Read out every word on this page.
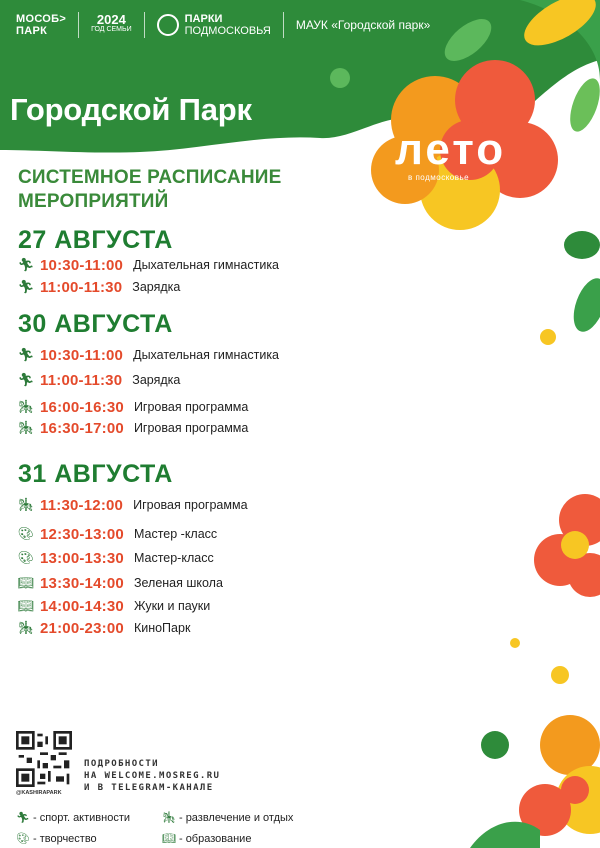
МОСОБ>
ПАРК
2024
ГОД СЕМЬИ
ПАРКИ
ПОДМОСКОВЬЯ МАУК «Городской парк»
Городской Парк
лето
в подмосковье
СИСТЕМНОЕ РАСПИСАНИЕ
МЕРОПРИЯТИЙ
27 АВГУСТА
🏃︎ 10:30-11:00 Дыхательная гимнастика
🏃︎ 11:00-11:30 Зарядка
30 АВГУСТА
🏃︎ 10:30-11:00 Дыхательная гимнастика
🏃︎ 11:00-11:30 Зарядка
🎠︎ 16:00-16:30 Игровая программа
🎠︎ 16:30-17:00 Игровая программа
31 АВГУСТА
🎠︎ 11:30-12:00 Игровая программа
🎨︎ 12:30-13:00 Мастер -класс
🎨︎ 13:00-13:30 Мастер-класс
📖︎ 13:30-14:00 Зеленая школа
📖︎ 14:00-14:30 Жуки и пауки
🎠︎ 21:00-23:00 КиноПарк
@KASHIRAPARK
ПОДРОБНОСТИ
НА WELCOME.MOSREG.RU
И В TELEGRAM-КАНАЛЕ
🏃︎ - спорт. активности	🎠︎ - развлечение и отдых
🎨︎ - творчество	📖︎ - образование
